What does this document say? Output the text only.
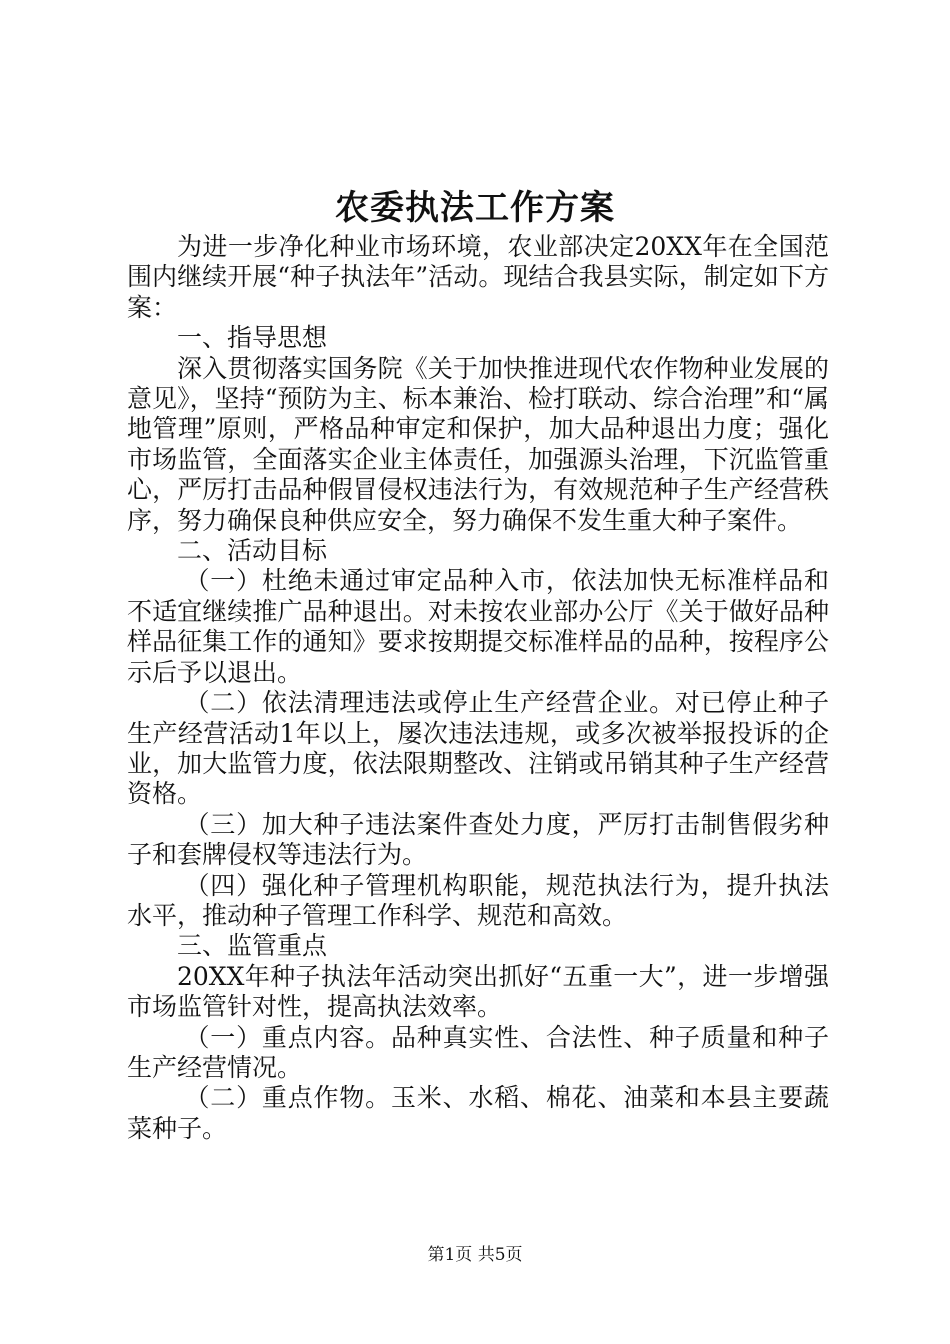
农委执法工作方案

为进一步净化种业市场环境，农业部决定20XX年在全国范围内继续开展“种子执法年”活动。现结合我县实际，制定如下方案：

一、指导思想

深入贯彻落实国务院《关于加快推进现代农作物种业发展的意见》，坚持“预防为主、标本兼治、检打联动、综合治理”和“属地管理”原则，严格品种审定和保护，加大品种退出力度；强化市场监管，全面落实企业主体责任，加强源头治理，下沉监管重心，严厉打击品种假冒侵权违法行为，有效规范种子生产经营秩序，努力确保良种供应安全，努力确保不发生重大种子案件。

二、活动目标

（一）杜绝未通过审定品种入市，依法加快无标准样品和不适宜继续推广品种退出。对未按农业部办公厅《关于做好品种样品征集工作的通知》要求按期提交标准样品的品种，按程序公示后予以退出。

（二）依法清理违法或停止生产经营企业。对已停止种子生产经营活动1年以上，屡次违法违规，或多次被举报投诉的企业，加大监管力度，依法限期整改、注销或吊销其种子生产经营资格。

（三）加大种子违法案件查处力度，严厉打击制售假劣种子和套牌侵权等违法行为。

（四）强化种子管理机构职能，规范执法行为，提升执法水平，推动种子管理工作科学、规范和高效。

三、监管重点

20XX年种子执法年活动突出抓好“五重一大”，进一步增强市场监管针对性，提高执法效率。

（一）重点内容。品种真实性、合法性、种子质量和种子生产经营情况。

（二）重点作物。玉米、水稻、棉花、油菜和本县主要蔬菜种子。

第1页 共5页
